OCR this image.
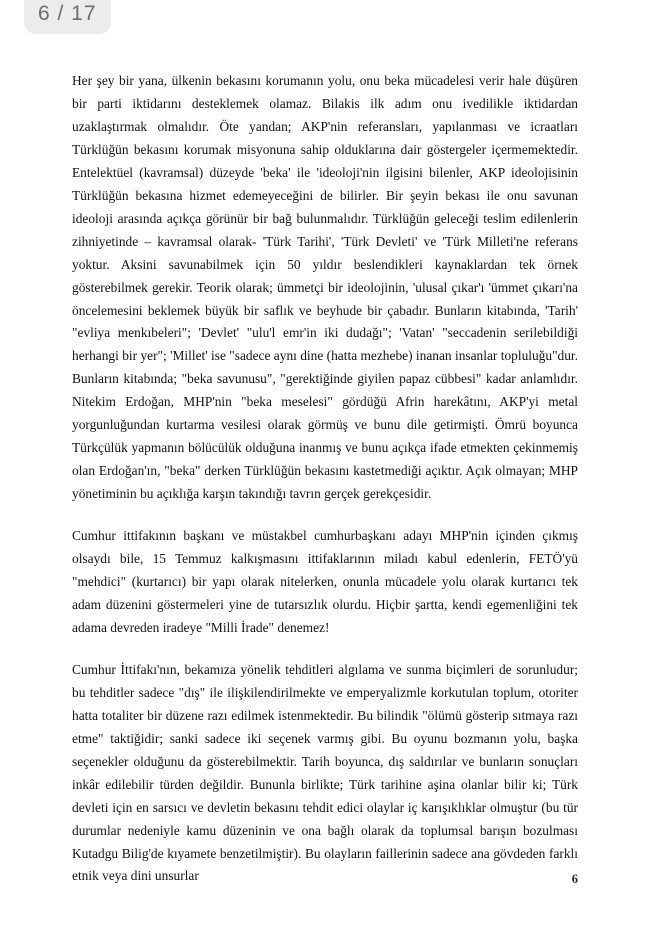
Her şey bir yana, ülkenin bekasını korumanın yolu, onu beka mücadelesi verir hale düşüren bir parti iktidarını desteklemek olamaz. Bilakis ilk adım onu ivedilikle iktidardan uzaklaştırmak olmalıdır. Öte yandan; AKP'nin referansları, yapılanması ve icraatları Türklüğün bekasını korumak misyonuna sahip olduklarına dair göstergeler içermemektedir. Entelektüel (kavramsal) düzeyde 'beka' ile 'ideoloji'nin ilgisini bilenler, AKP ideolojisinin Türklüğün bekasına hizmet edemeyeceğini de bilirler. Bir şeyin bekası ile onu savunan ideoloji arasında açıkça görünür bir bağ bulunmalıdır. Türklüğün geleceği teslim edilenlerin zihniyetinde – kavramsal olarak- 'Türk Tarihi', 'Türk Devleti' ve 'Türk Milleti'ne referans yoktur. Aksini savunabilmek için 50 yıldır beslendikleri kaynaklardan tek örnek gösterebilmek gerekir. Teorik olarak; ümmetçi bir ideolojinin, 'ulusal çıkar'ı 'ümmet çıkarı'na öncelemesini beklemek büyük bir saflık ve beyhude bir çabadır. Bunların kitabında, 'Tarih' "evliya menkıbeleri"; 'Devlet' "ulu'l emr'in iki dudağı"; 'Vatan' "seccadenin serilebildiği herhangi bir yer"; 'Millet' ise "sadece aynı dine (hatta mezhebe) inanan insanlar topluluğu"dur. Bunların kitabında; "beka savunusu", "gerektiğinde giyilen papaz cübbesi" kadar anlamlıdır. Nitekim Erdoğan, MHP'nin "beka meselesi" gördüğü Afrin harekâtını, AKP'yi metal yorgunluğundan kurtarma vesilesi olarak görmüş ve bunu dile getirmişti. Ömrü boyunca Türkçülük yapmanın bölücülük olduğuna inanmış ve bunu açıkça ifade etmekten çekinmemiş olan Erdoğan'ın, "beka" derken Türklüğün bekasını kastetmediği açıktır. Açık olmayan; MHP yönetiminin bu açıklığa karşın takındığı tavrın gerçek gerekçesidir.

Cumhur ittifakının başkanı ve müstakbel cumhurbaşkanı adayı MHP'nin içinden çıkmış olsaydı bile, 15 Temmuz kalkışmasını ittifaklarının miladı kabul edenlerin, FETÖ'yü "mehdici" (kurtarıcı) bir yapı olarak nitelerken, onunla mücadele yolu olarak kurtarıcı tek adam düzenini göstermeleri yine de tutarsızlık olurdu. Hiçbir şartta, kendi egemenliğini tek adama devreden iradeye "Milli İrade" denemez!

Cumhur İttifakı'nın, bekamıza yönelik tehditleri algılama ve sunma biçimleri de sorunludur; bu tehditler sadece "dış" ile ilişkilendirilmekte ve emperyalizmle korkutulan toplum, otoriter hatta totaliter bir düzene razı edilmek istenmektedir. Bu bilindik "ölümü gösterip sıtmaya razı etme" taktiğidir; sanki sadece iki seçenek varmış gibi. Bu oyunu bozmanın yolu, başka seçenekler olduğunu da gösterebilmektir. Tarih boyunca, dış saldırılar ve bunların sonuçları inkâr edilebilir türden değildir. Bununla birlikte; Türk tarihine aşina olanlar bilir ki; Türk devleti için en sarsıcı ve devletin bekasını tehdit edici olaylar iç karışıklıklar olmuştur (bu tür durumlar nedeniyle kamu düzeninin ve ona bağlı olarak da toplumsal barışın bozulması Kutadgu Bilig'de kıyamete benzetilmiştir). Bu olayların faillerinin sadece ana gövdeden farklı etnik veya dini unsurlar	6
6 / 17
